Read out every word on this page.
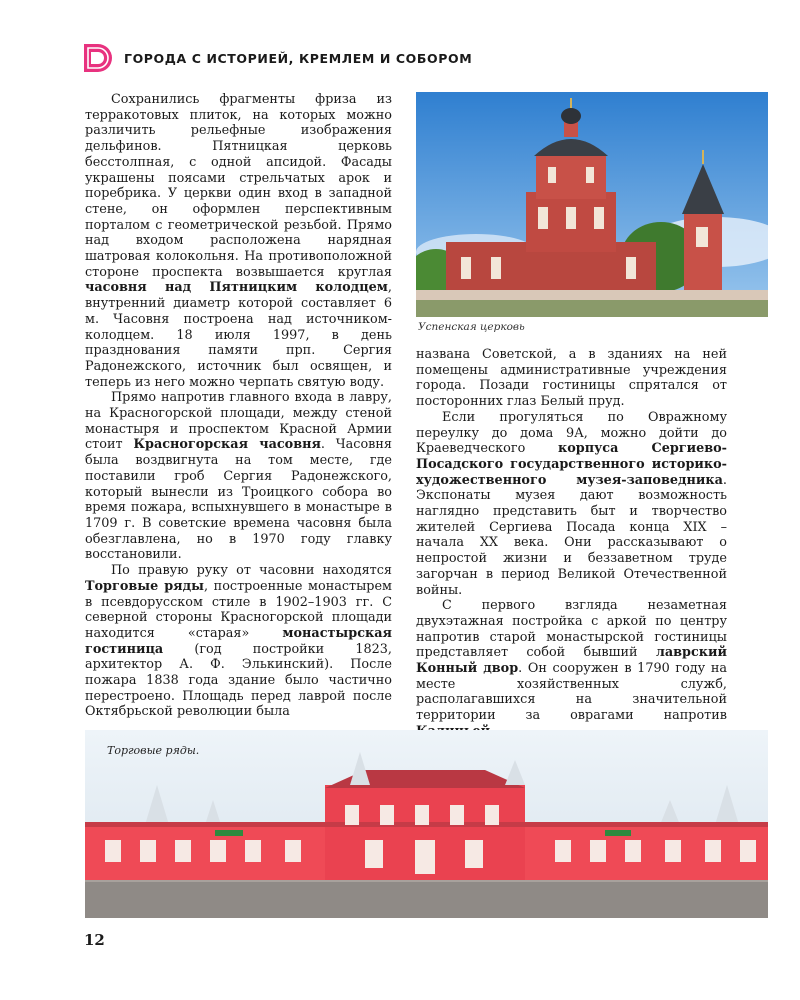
ГОРОДА С ИСТОРИЕЙ, КРЕМЛЕМ И СОБОРОМ

Сохранились фрагменты фриза из терракотовых плиток, на которых можно различить рельефные изображения дельфинов. Пятницкая церковь бесстолпная, с одной апсидой. Фасады украшены поясами стрельчатых арок и поребрика. У церкви один вход в западной стене, он оформлен перспективным порталом с геометрической резьбой. Прямо над входом расположена нарядная шатровая колокольня. На противоположной стороне проспекта возвышается круглая часовня над Пятницким колодцем, внутренний диаметр которой составляет 6 м. Часовня построена над источником-колодцем. 18 июля 1997, в день празднования памяти прп. Сергия Радонежского, источник был освящен, и теперь из него можно черпать святую воду.

Прямо напротив главного входа в лавру, на Красногорской площади, между стеной монастыря и проспектом Красной Армии стоит Красногорская часовня. Часовня была воздвигнута на том месте, где поставили гроб Сергия Радонежского, который вынесли из Троицкого собора во время пожара, вспыхнувшего в монастыре в 1709 г. В советские времена часовня была обезглавлена, но в 1970 году главку восстановили.

По правую руку от часовни находятся Торговые ряды, построенные монастырем в псевдорусском стиле в 1902–1903 гг. С северной стороны Красногорской площади находится «старая» монастырская гостиница (год постройки 1823, архитектор А. Ф. Элькинский). После пожара 1838 года здание было частично перестроено. Площадь перед лаврой после Октябрьской революции была

Успенская церковь

названа Советской, а в зданиях на ней помещены административные учреждения города. Позади гостиницы спрятался от посторонних глаз Белый пруд.

Если прогуляться по Овражному переулку до дома 9А, можно дойти до Краеведческого корпуса Сергиево-Посадского государственного историко-художественного музея-заповедника. Экспонаты музея дают возможность наглядно представить быт и творчество жителей Сергиева Посада конца XIX – начала XX века. Они рассказывают о непростой жизни и беззаветном труде загорчан в период Великой Отечественной войны.

С первого взгляда незаметная двухэтажная постройка с аркой по центру напротив старой монастырской гостиницы представляет собой бывший лаврский Конный двор. Он сооружен в 1790 году на месте хозяйственных служб, располагавшихся на значительной территории за оврагами напротив

Торговые ряды.
12
